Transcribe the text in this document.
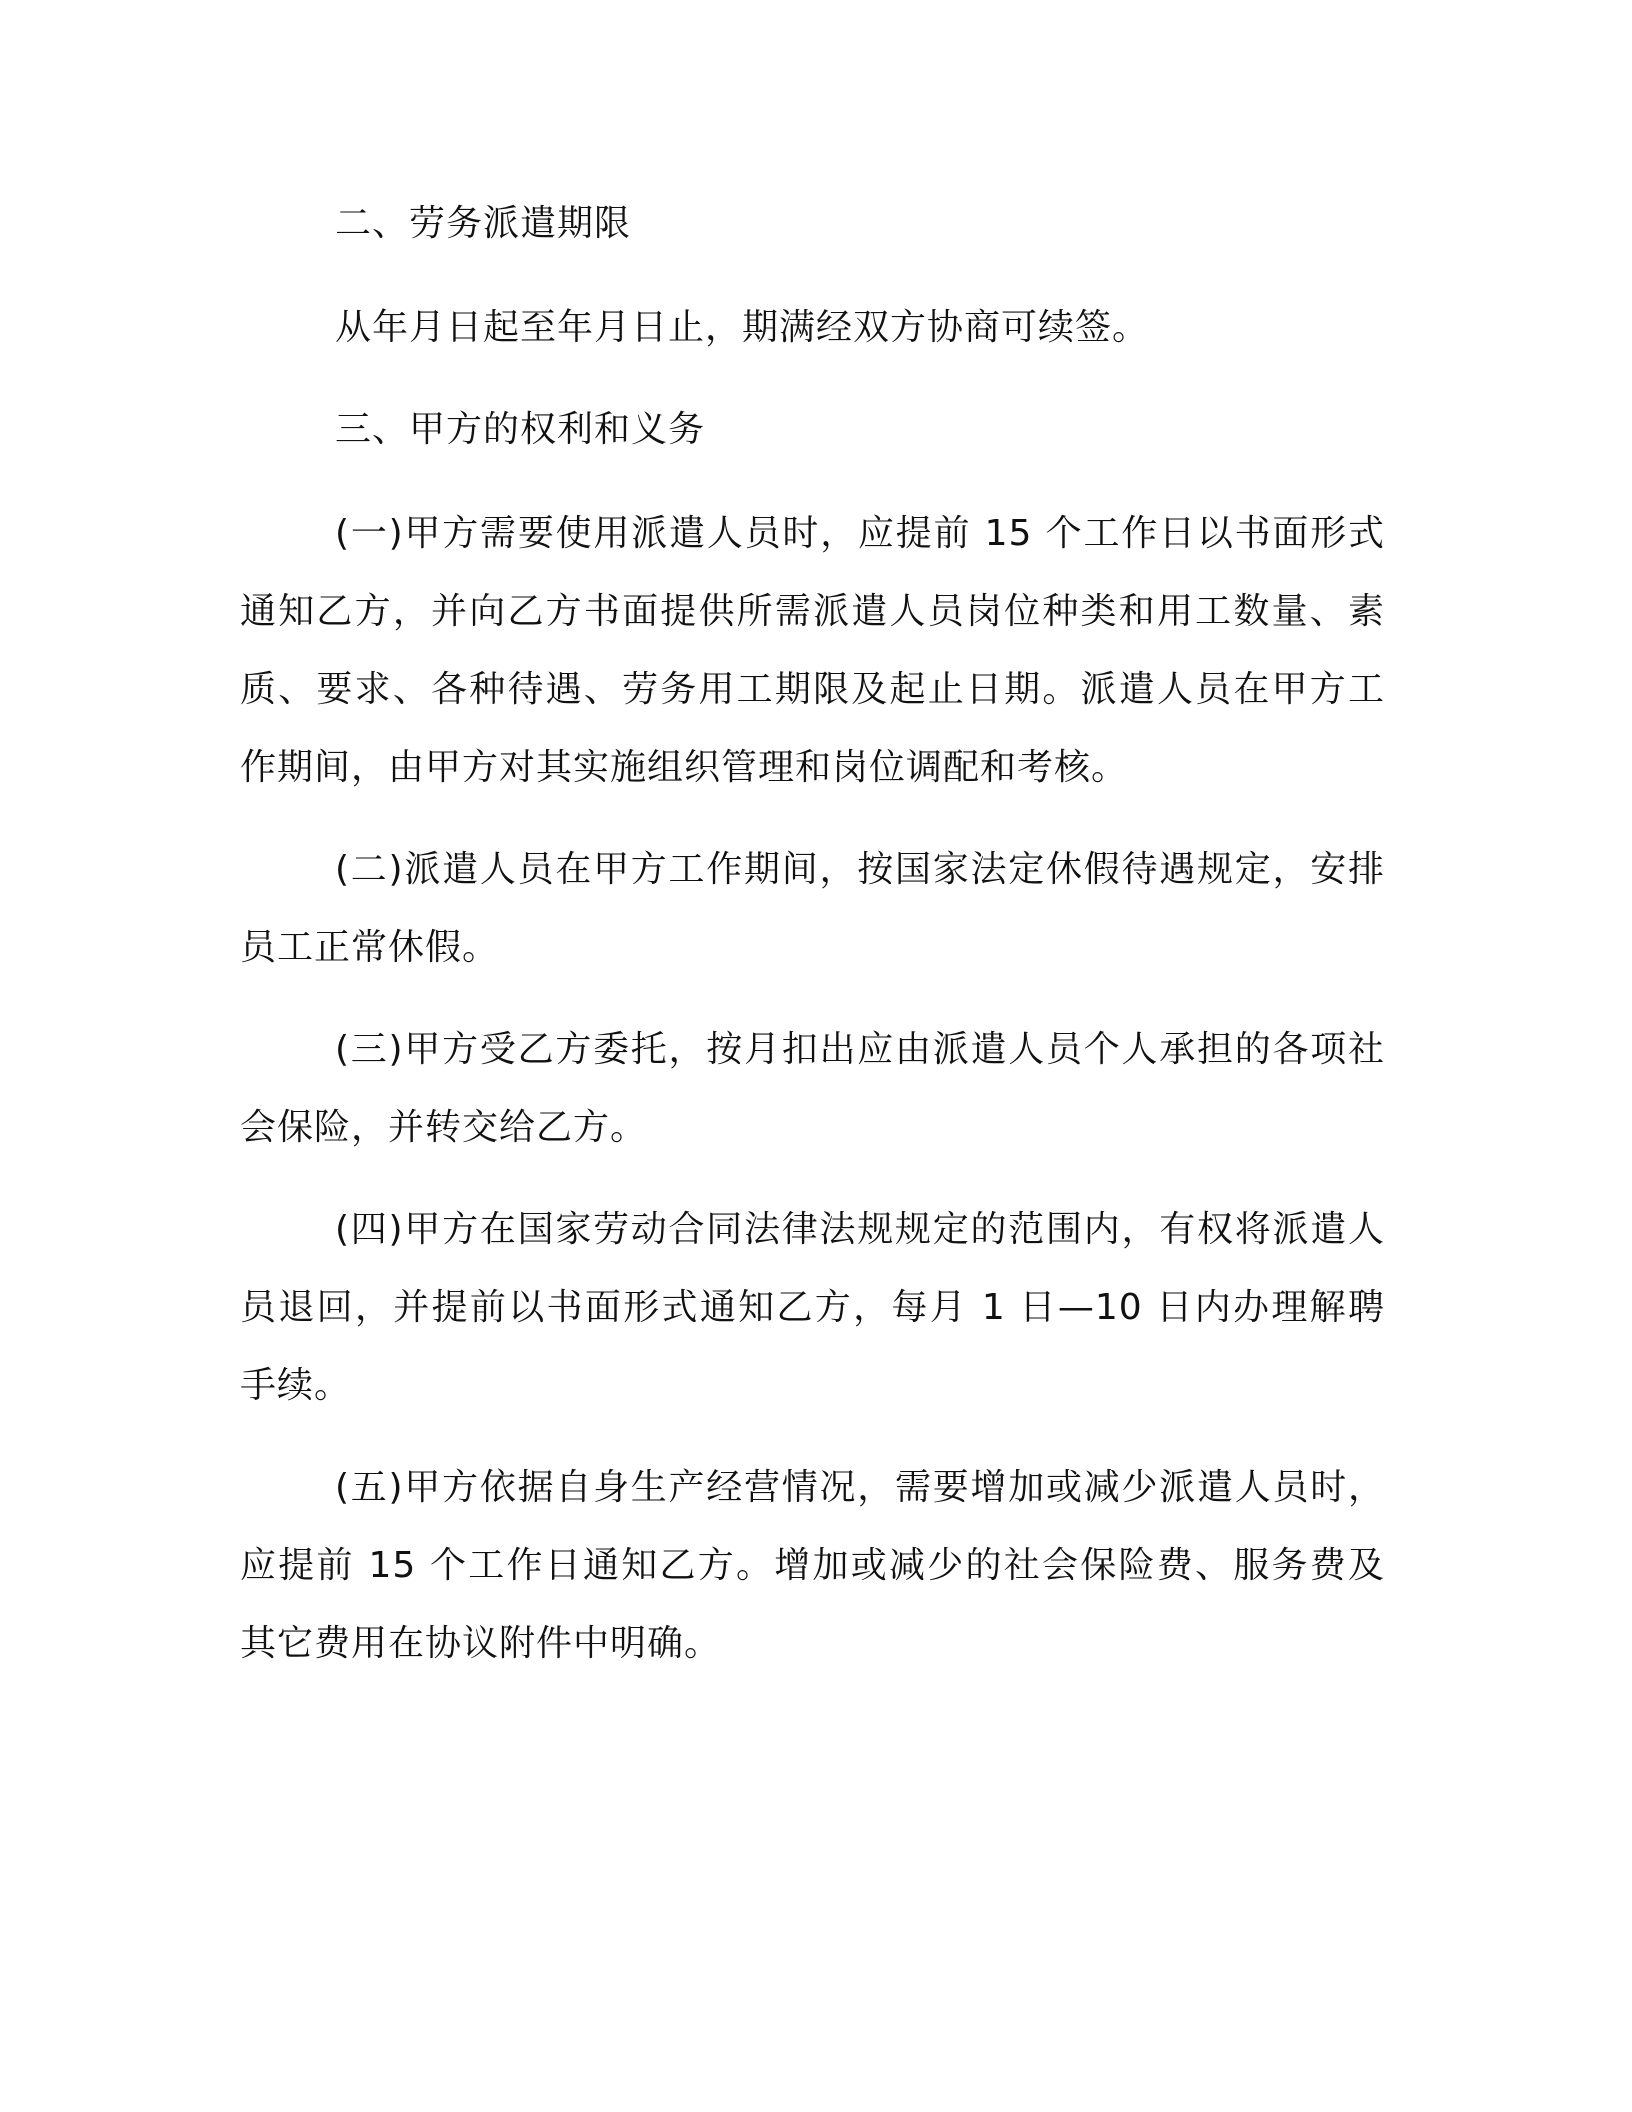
二、劳务派遣期限

从年月日起至年月日止，期满经双方协商可续签。

三、甲方的权利和义务

(一)甲方需要使用派遣人员时，应提前 15 个工作日以书面形式通知乙方，并向乙方书面提供所需派遣人员岗位种类和用工数量、素质、要求、各种待遇、劳务用工期限及起止日期。派遣人员在甲方工作期间，由甲方对其实施组织管理和岗位调配和考核。

(二)派遣人员在甲方工作期间，按国家法定休假待遇规定，安排员工正常休假。

(三)甲方受乙方委托，按月扣出应由派遣人员个人承担的各项社会保险，并转交给乙方。

(四)甲方在国家劳动合同法律法规规定的范围内，有权将派遣人员退回，并提前以书面形式通知乙方，每月 1 日—10 日内办理解聘手续。

(五)甲方依据自身生产经营情况，需要增加或减少派遣人员时，应提前 15 个工作日通知乙方。增加或减少的社会保险费、服务费及其它费用在协议附件中明确。
